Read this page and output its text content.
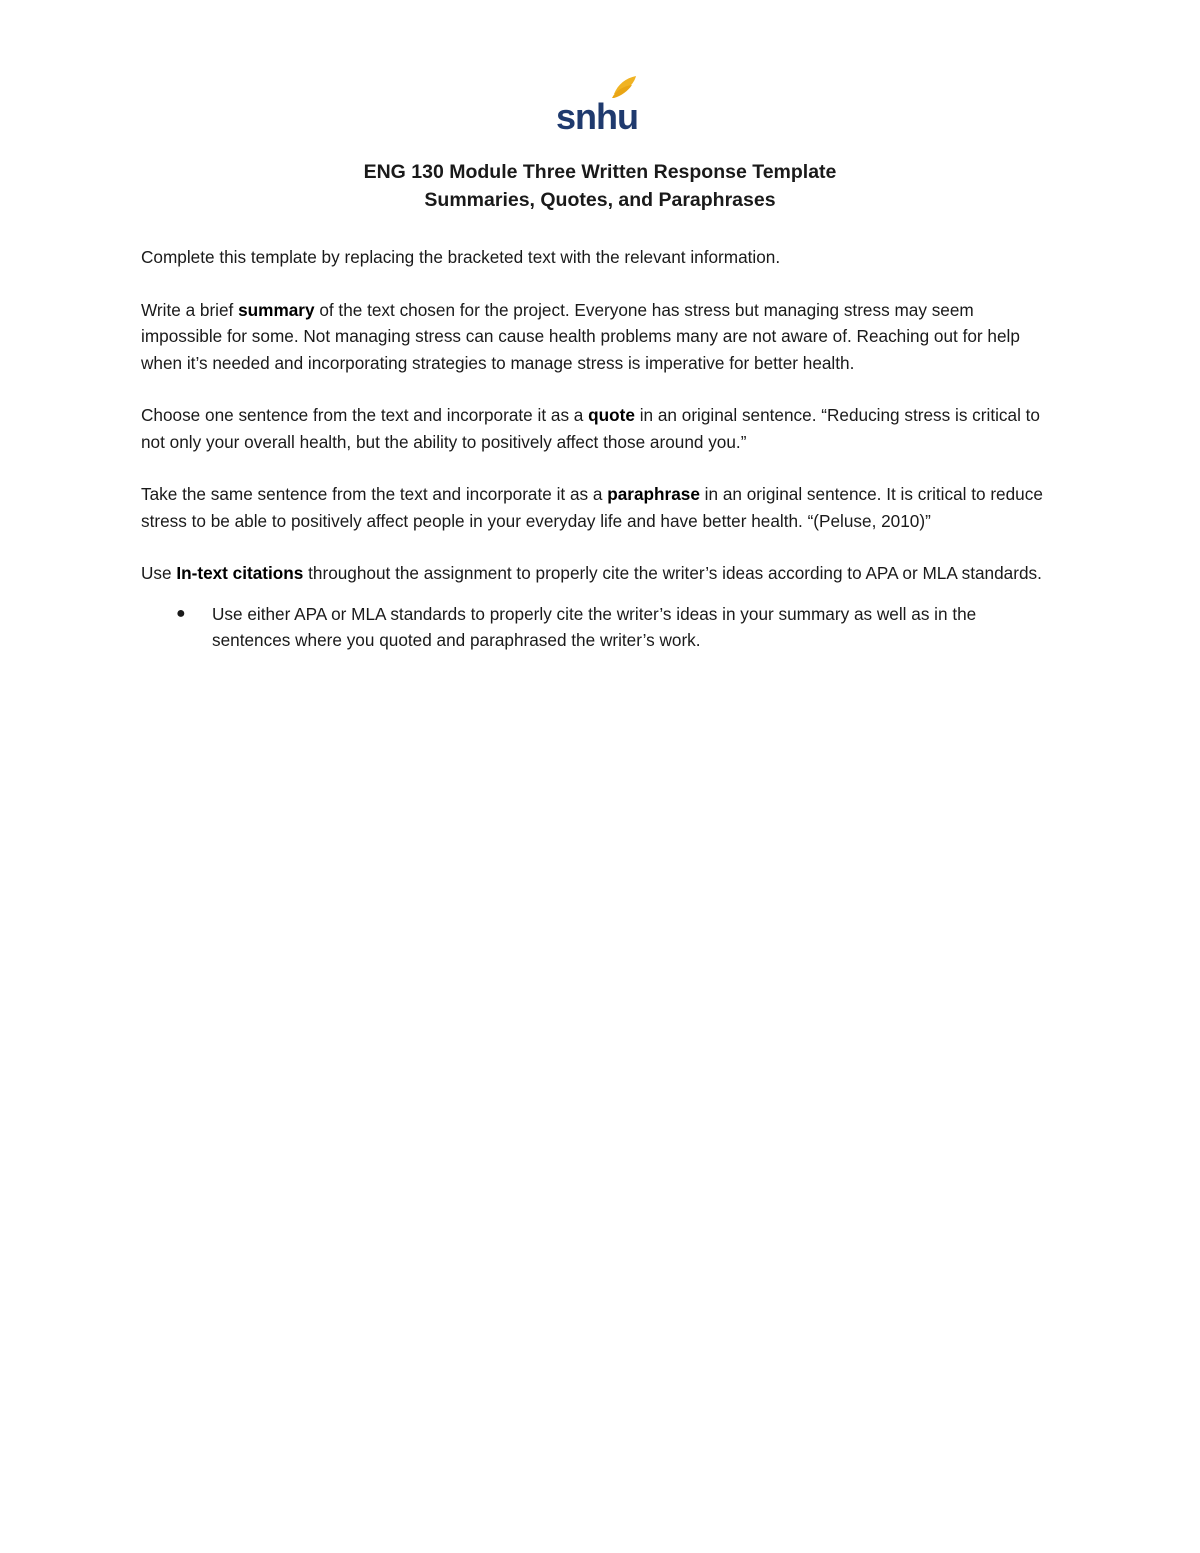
snhu
ENG 130 Module Three Written Response Template
Summaries, Quotes, and Paraphrases

Complete this template by replacing the bracketed text with the relevant information.

Write a brief summary of the text chosen for the project. Everyone has stress but managing stress may seem impossible for some. Not managing stress can cause health problems many are not aware of. Reaching out for help when it’s needed and incorporating strategies to manage stress is imperative for better health.

Choose one sentence from the text and incorporate it as a quote in an original sentence. “Reducing stress is critical to not only your overall health, but the ability to positively affect those around you.”

Take the same sentence from the text and incorporate it as a paraphrase in an original sentence. It is critical to reduce stress to be able to positively affect people in your everyday life and have better health. “(Peluse, 2010)”

Use In-text citations throughout the assignment to properly cite the writer’s ideas according to APA or MLA standards.

● Use either APA or MLA standards to properly cite the writer’s ideas in your summary as well as in the sentences where you quoted and paraphrased the writer’s work.
